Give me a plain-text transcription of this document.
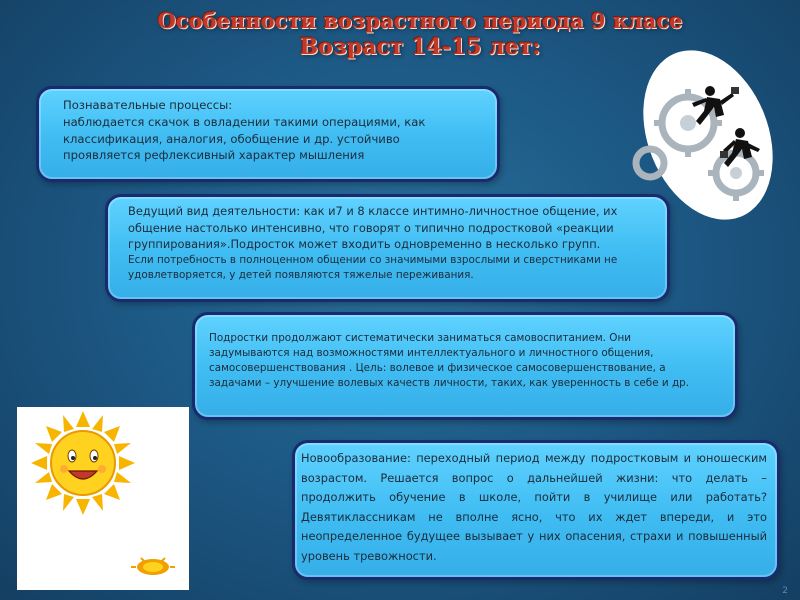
Особенности возрастного периода 9 класе
Возраст 14-15 лет:
Познавательные процессы:
наблюдается скачок в овладении такими операциями, как
классификация, аналогия, обобщение и др. устойчиво
проявляется рефлексивный характер мышления
Ведущий вид деятельности: как и7 и 8 классе интимно-личностное общение, их
общение настолько интенсивно, что говорят о типично подростковой «реакции
группирования».Подросток может входить одновременно в несколько групп.
Если потребность в полноценном общении со значимыми взрослыми и сверстниками не
удовлетворяется, у детей появляются тяжелые переживания.
Подростки продолжают систематически заниматься самовоспитанием. Они
задумываются над возможностями интеллектуального и личностного общения,
самосовершенствования . Цель: волевое и физическое самосовершенствование, а
задачами – улучшение волевых качеств личности, таких, как уверенность в себе и др.
Новообразование: переходный период между подростковым и юношеским возрастом. Решается вопрос о дальнейшей жизни: что делать – продолжить обучение в школе, пойти в училище или работать? Девятиклассникам не вполне ясно, что их ждет впереди, и это неопределенное будущее вызывает у них опасения, страхи и повышенный уровень тревожности.
2
